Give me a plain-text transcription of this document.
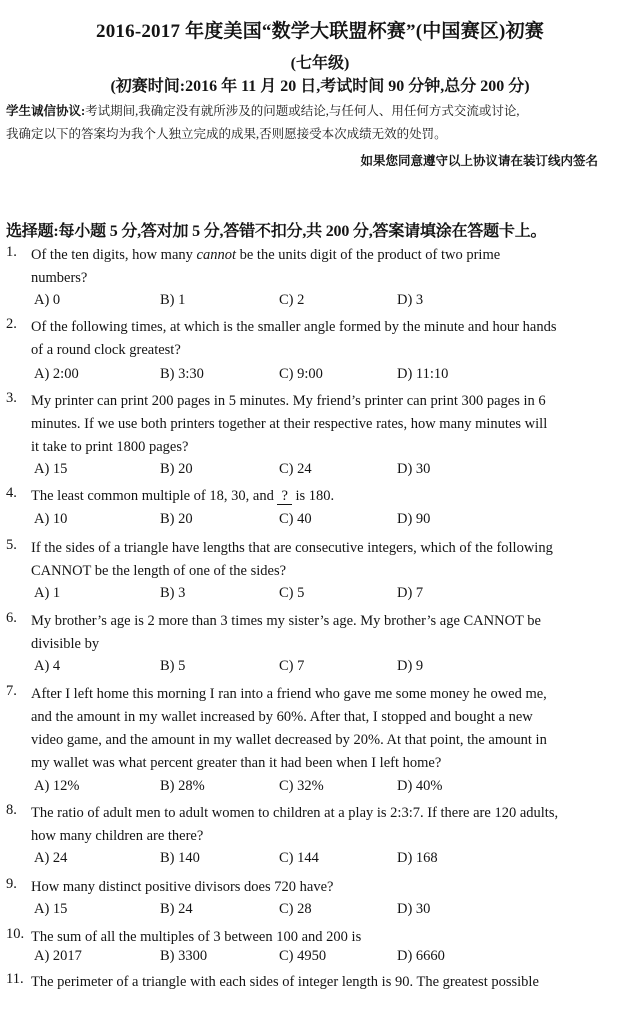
2016-2017 年度美国“数学大联盟杯赛”(中国赛区)初赛
(七年级)
(初赛时间:2016 年 11 月 20 日,考试时间 90 分钟,总分 200 分)
学生诚信协议:考试期间,我确定没有就所涉及的问题或结论,与任何人、用任何方式交流或讨论,
我确定以下的答案均为我个人独立完成的成果,否则愿接受本次成绩无效的处罚。
如果您同意遵守以上协议请在装订线内签名
选择题:每小题 5 分,答对加 5 分,答错不扣分,共 200 分,答案请填涂在答题卡上。
1. Of the ten digits, how many cannot be the units digit of the product of two prime
numbers?
A) 0	B) 1	C) 2	D) 3
2. Of the following times, at which is the smaller angle formed by the minute and hour hands
of a round clock greatest?
A) 2:00	B) 3:30	C) 9:00	D) 11:10
3. My printer can print 200 pages in 5 minutes. My friend’s printer can print 300 pages in 6
minutes. If we use both printers together at their respective rates, how many minutes will
it take to print 1800 pages?
A) 15	B) 20	C) 24	D) 30
4. The least common multiple of 18, 30, and ? is 180.
A) 10	B) 20	C) 40	D) 90
5. If the sides of a triangle have lengths that are consecutive integers, which of the following
CANNOT be the length of one of the sides?
A) 1	B) 3	C) 5	D) 7
6. My brother’s age is 2 more than 3 times my sister’s age. My brother’s age CANNOT be
divisible by
A) 4	B) 5	C) 7	D) 9
7. After I left home this morning I ran into a friend who gave me some money he owed me,
and the amount in my wallet increased by 60%. After that, I stopped and bought a new
video game, and the amount in my wallet decreased by 20%. At that point, the amount in
my wallet was what percent greater than it had been when I left home?
A) 12%	B) 28%	C) 32%	D) 40%
8. The ratio of adult men to adult women to children at a play is 2:3:7. If there are 120 adults,
how many children are there?
A) 24	B) 140	C) 144	D) 168
9. How many distinct positive divisors does 720 have?
A) 15	B) 24	C) 28	D) 30
10. The sum of all the multiples of 3 between 100 and 200 is
A) 2017	B) 3300	C) 4950	D) 6660
11. The perimeter of a triangle with each sides of integer length is 90. The greatest possible
